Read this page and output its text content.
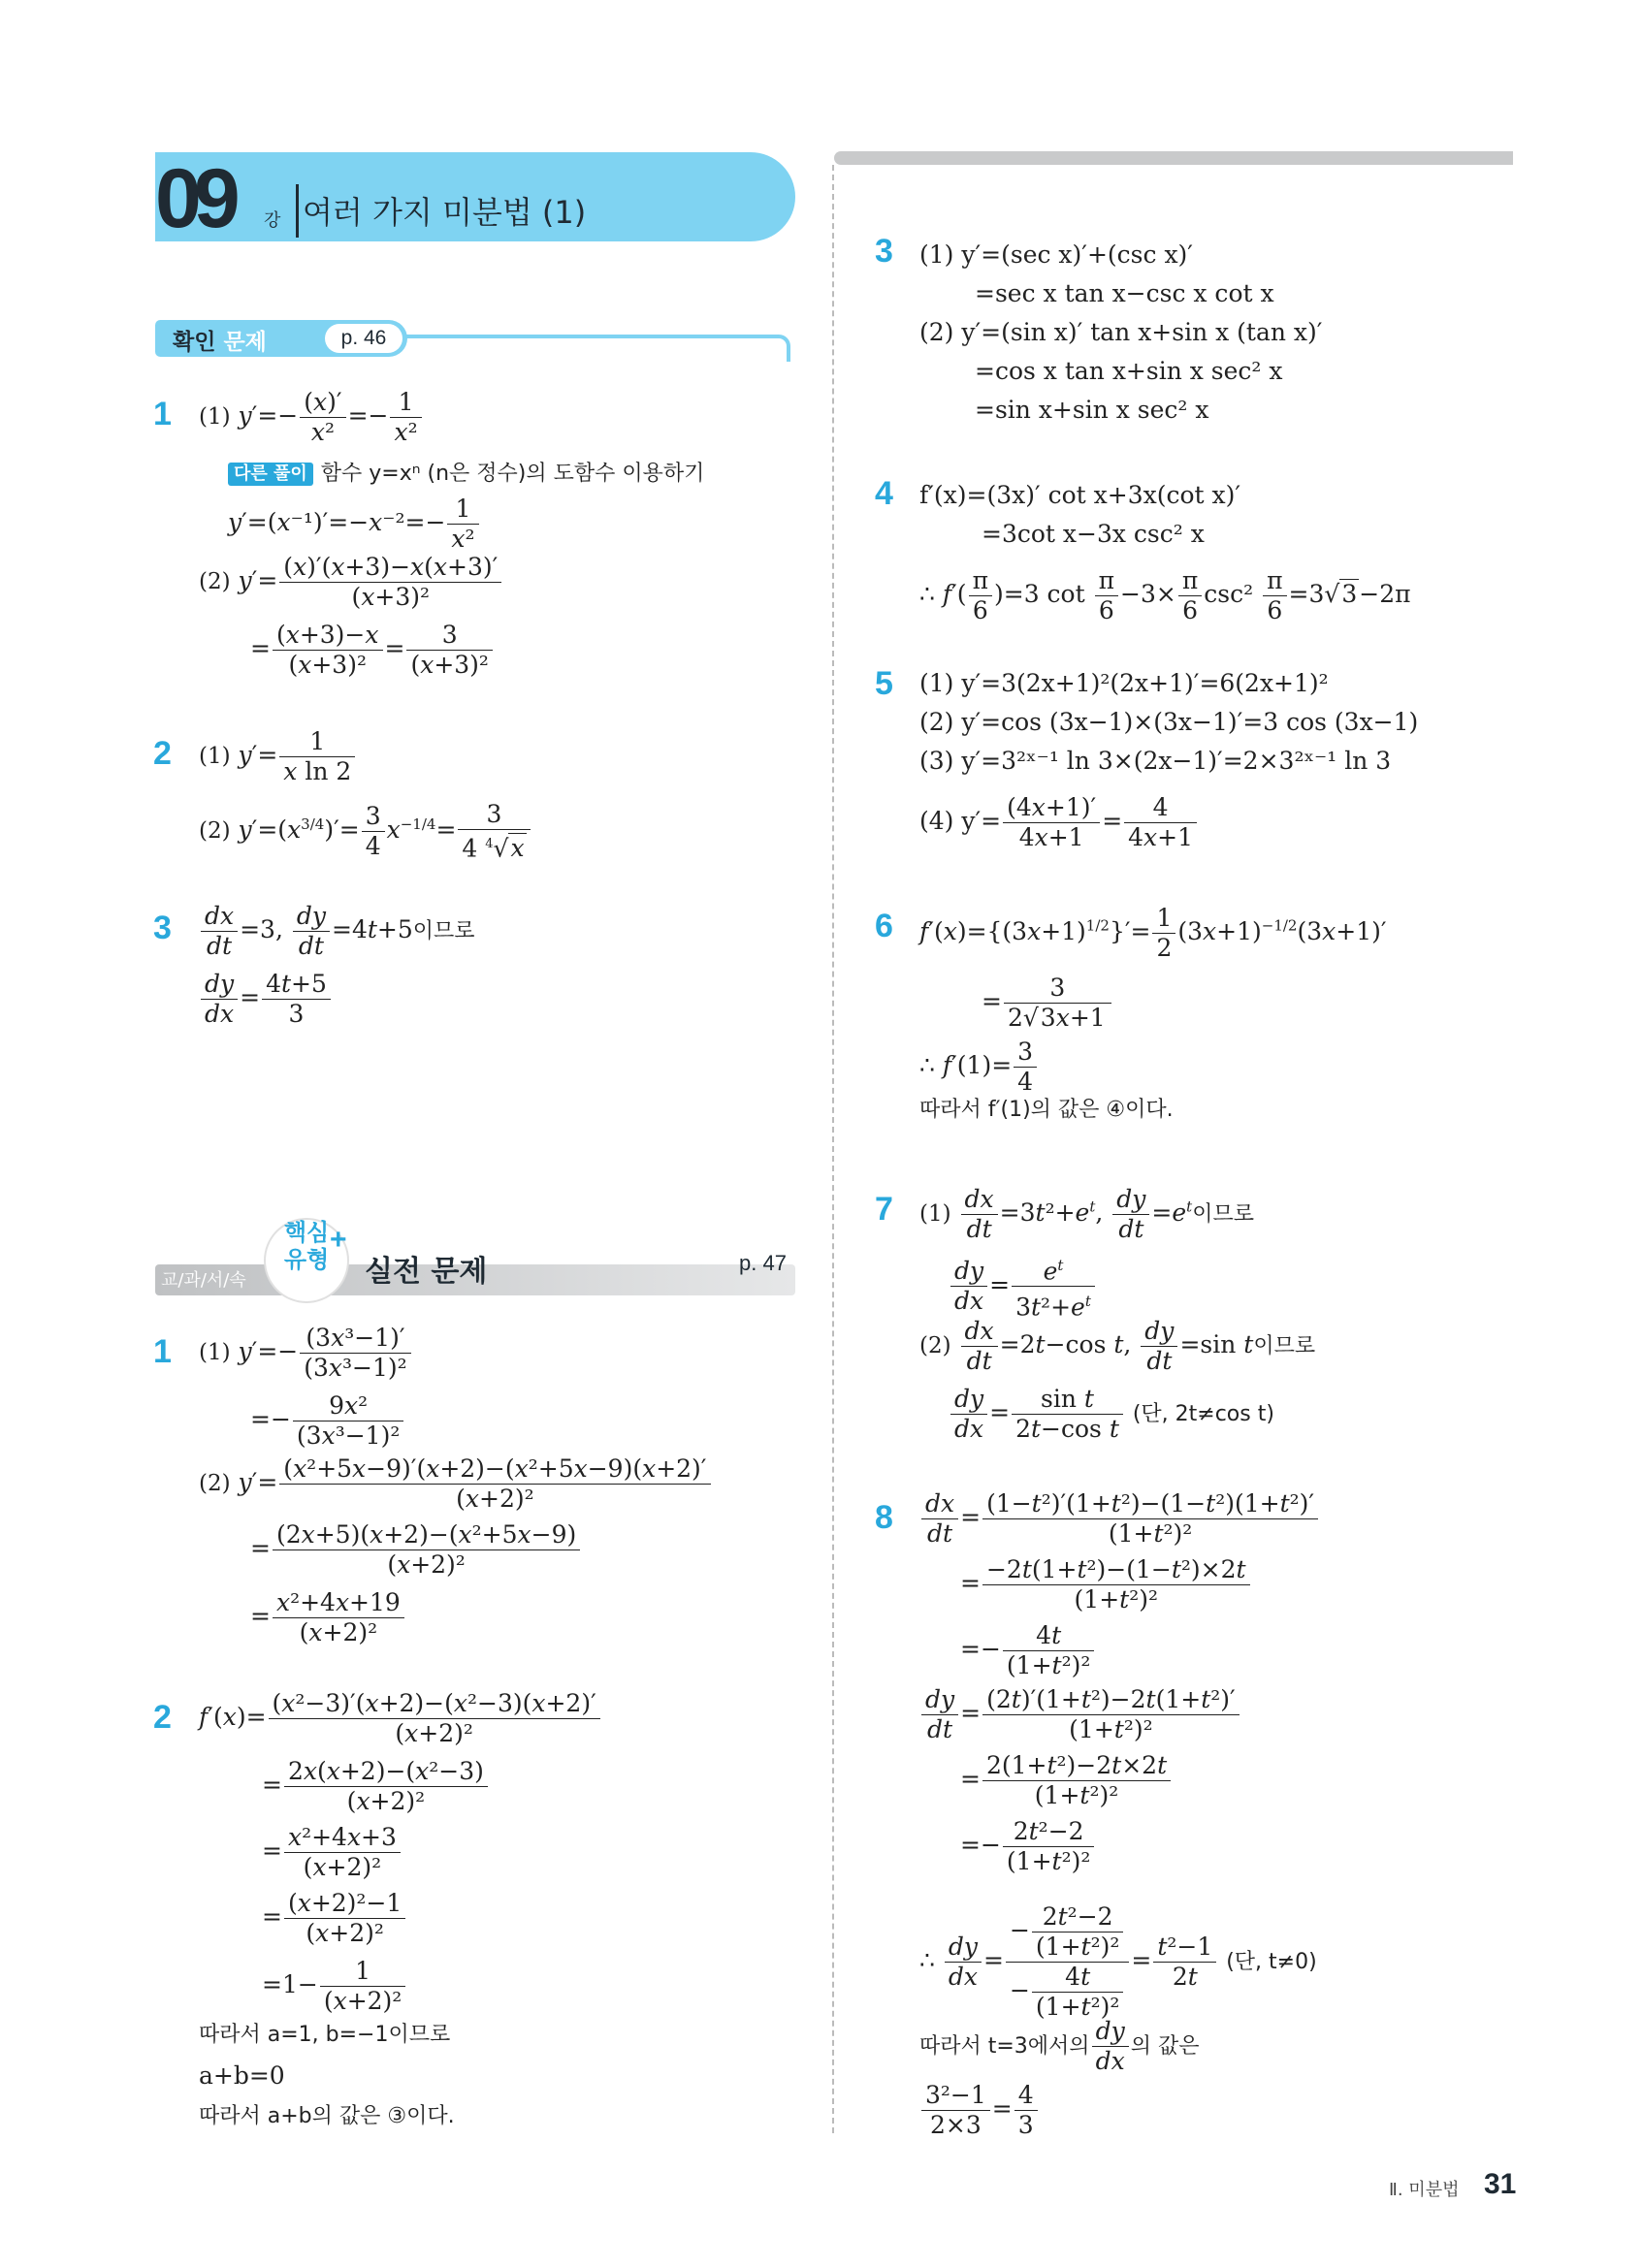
09 강 여러 가지 미분법 (1)
확인 문제	p. 46
1 (1) $y'=- \frac{(x)'}{\text{x²}} =- \frac{1}{\text{x²}}$
다른 풀이 함수 y=xⁿ (n은 정수)의 도함수 이용하기
$y'=(x^{-1})'=-x^{-2}=- \frac{1}{\text{x²}}$
(2) $y'= \frac{(x)'(x+3)-x(x+3)'}{\text{(x+3)²}}$
= $\frac{(x+3)-x}{\text{(x+3)²}} = \frac{3}{\text{(x+3)²}}$
2 (1) $y'= \frac{1}{\text{x ln 2}}$
(2) $y'=(x^{3/4})'= \frac{3}{4} x^{-1/4}= \frac{3}{4 ^4√x}$
$3 \frac{dx}{dt} =3$, $\frac{dy}{dt} =4t+5$이므로
$\frac{dy}{dx} = \frac{4t+5}{3}$
교/과/서/속
핵심
유형
+
실전 문제	p. 47
1 (1) $y'=- \frac{\text{(3x³−1)′}}{\text{(3x³−1)²}}$
=− $\frac{\text{9x²}}{\text{(3x³−1)²}}$
(2) $y'= \frac{\text{(x²+5x−9)′(x+2)−(x²+5x−9)(x+2)′}}{\text{(x+2)²}}$
= $\frac{\text{(2x+5)(x+2)−(x²+5x−9)}}{\text{(x+2)²}}$
= $\frac{\text{x²+4x+19}}{\text{(x+2)²}}$
2 $f'(x)= \frac{\text{(x²−3)′(x+2)−(x²−3)(x+2)′}}{\text{(x+2)²}}$
= $\frac{\text{2x(x+2)−(x²−3)}}{\text{(x+2)²}}$
= $\frac{\text{x²+4x+3}}{\text{(x+2)²}}$
= $\frac{\text{(x+2)²−1}}{\text{(x+2)²}}$
$=1- \frac{1}{\text{(x+2)²}}$
따라서 a=1, b=−1이므로
a+b=0
따라서 a+b의 값은 ③이다.
3 (1) y′=(sec x)′+(csc x)′
=sec x tan x−csc x cot x
(2) y′=(sin x)′ tan x+sin x (tan x)′
=cos x tan x+sin x sec² x
=sin x+sin x sec² x
4 f′(x)=(3x)′ cot x+3x(cot x)′
=3cot x−3x csc² x
∴ $f'( \frac{\pi}{6} )=3$ $\cot \frac{\pi}{6} -3\times \frac{\pi}{6} \csc^2 \frac{\pi}{6} =3√3-2\pi$
5 (1) y′=3(2x+1)²(2x+1)′=6(2x+1)²
(2) y′=cos (3x−1)×(3x−1)′=3 cos (3x−1)
(3) y′=3²ˣ⁻¹ ln 3×(2x−1)′=2×3²ˣ⁻¹ ln 3
(4) $y'= \frac{(4x+1)'}{4x+1} = \frac{4}{4x+1}$
6 $f'(x)=\{(3x+1)^{1/2}\}'= \frac{1}{2} (3x+1)^{-1/2}(3x+1)'$
= $\frac{3}{2√3x+1}$
∴ $f'(1)= \frac{3}{4}$
따라서 f′(1)의 값은 ④이다.
7 $(1) \frac{dx}{dt} =3t^2+e^t$, $\frac{dy}{dt} =e^t$이므로
$\frac{dy}{dx} = \frac{e^t}{3t^2+e^t}$
$(2) \frac{dx}{dt} =2t-\cos$ t, $\frac{dy}{dt} =\sin$ t이므로
$\frac{dy}{dx} = \frac{\text{sin t}}{\text{2t−cos t}}$ (단, 2t≠cos t)
$8 \frac{dx}{dt} = \frac{\text{(1−t²)′(1+t²)−(1−t²)(1+t²)′}}{\text{(1+t²)²}}$
= $\frac{\text{−2t(1+t²)−(1−t²)×2t}}{\text{(1+t²)²}}$
=− $\frac{4t}{\text{(1+t²)²}}$
$\frac{dy}{dt} = \frac{\text{(2t)′(1+t²)−2t(1+t²)′}}{\text{(1+t²)²}}$
= $\frac{\text{2(1+t²)−2t×2t}}{\text{(1+t²)²}}$
=− $\frac{\text{2t²−2}}{\text{(1+t²)²}}$
∴ $\frac{dy}{dx} = \frac{- \frac{\text{2t²−2}}{\text{(1+t²)²}}}{- \frac{4t}{\text{(1+t²)²}}} = \frac{\text{t²−1}}{2t}$ (단, t≠0)
따라서 t=3에서의 $\frac{dy}{dx}$ 의 값은
$\frac{\text{3²−1}}{2\times 3} = \frac{4}{3}$
Ⅱ. 미분법 31
